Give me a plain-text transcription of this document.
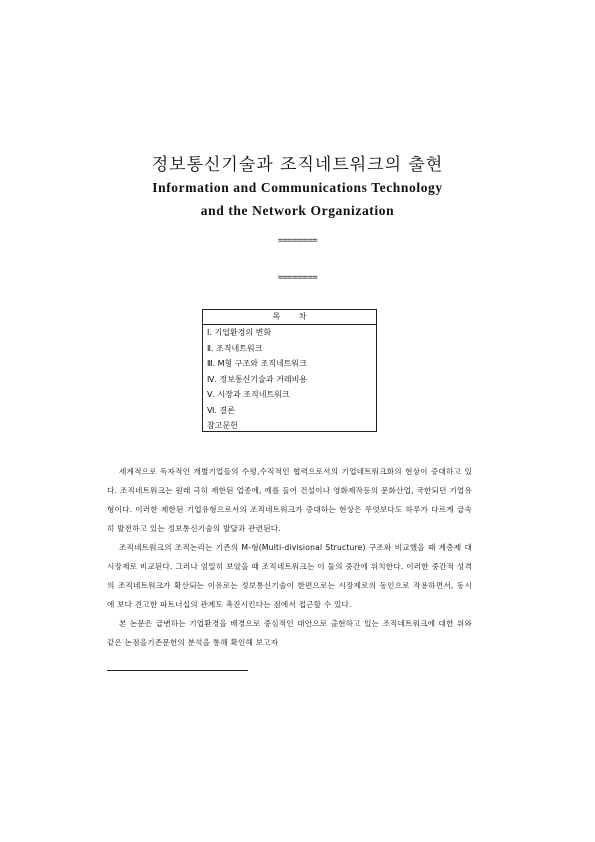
정보통신기술과 조직네트워크의 출현
Information and Communications Technology
and the Network Organization
========
========
목 차
Ⅰ. 기업환경의 변화
Ⅱ. 조직네트워크
Ⅲ. M형 구조와 조직네트워크
Ⅳ. 정보통신기술과 거래비용
Ⅴ. 시장과 조직네트워크
Ⅵ. 결론
참고문헌

세계적으로 독자적인 개별기업들의 수평,수직적인 협력으로서의 기업네트워크화의 현상이 증대하고 있다. 조직네트워크는 원래 극히 제한된 업종에, 예를 들어 건설이나 영화제작등의 문화산업, 국한되던 기업유형이다. 이러한 제한된 기업유형으로서의 조직네트워크가 증대하는 현상은 무엇보다도 하루가 다르게 급속히 발전하고 있는 정보통신기술의 발달과 관련된다.

조직네트워크의 조직논리는 기존의 M-형(Multi-divisional Structure) 구조와 비교했을 때 계층제 대 시장제로 비교된다. 그러나 엄밀히 보았을 때 조직네트워크는 이 둘의 중간에 위치한다. 이러한 중간적 성격의 조직네트워크가 확산되는 이유로는 정보통신기술이 한편으로는 시장제로의 동인으로 작용하면서, 동시에 보다 견고한 파트너십의 관계도 촉진시킨다는 점에서 접근할 수 있다.

본 논문은 급변하는 기업환경을 배경으로 중심적인 대안으로 출현하고 있는 조직네트워크에 대한 위와 같은 논점을기존문헌의 분석을 통해 확인해 보고자
